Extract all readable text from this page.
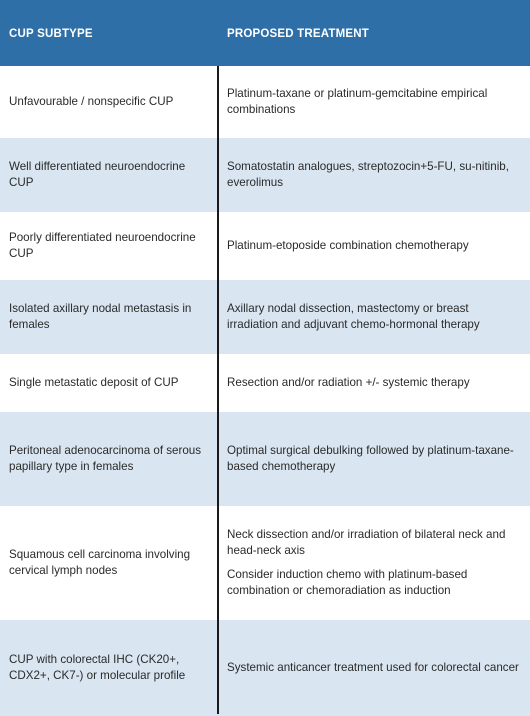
CUP SUBTYPE	PROPOSED TREATMENT
Unfavourable / nonspecific CUP
Platinum-taxane or platinum-gemcitabine empirical combinations
Well differentiated neuroendocrine CUP
Somatostatin analogues, streptozocin+5-FU, su-nitinib, everolimus
Poorly differentiated neuroendocrine CUP
Platinum-etoposide combination chemotherapy
Isolated axillary nodal metastasis in females
Axillary nodal dissection, mastectomy or breast irradiation and adjuvant chemo-hormonal therapy
Single metastatic deposit of CUP	Resection and/or radiation +/- systemic therapy
Peritoneal adenocarcinoma of serous papillary type in females
Optimal surgical debulking followed by platinum-taxane-based chemotherapy
Squamous cell carcinoma involving cervical lymph nodes
Neck dissection and/or irradiation of bilateral neck and head-neck axis
Consider induction chemo with platinum-based combination or chemoradiation as induction
CUP with colorectal IHC (CK20+, CDX2+, CK7-) or molecular profile
Systemic anticancer treatment used for colorectal cancer
